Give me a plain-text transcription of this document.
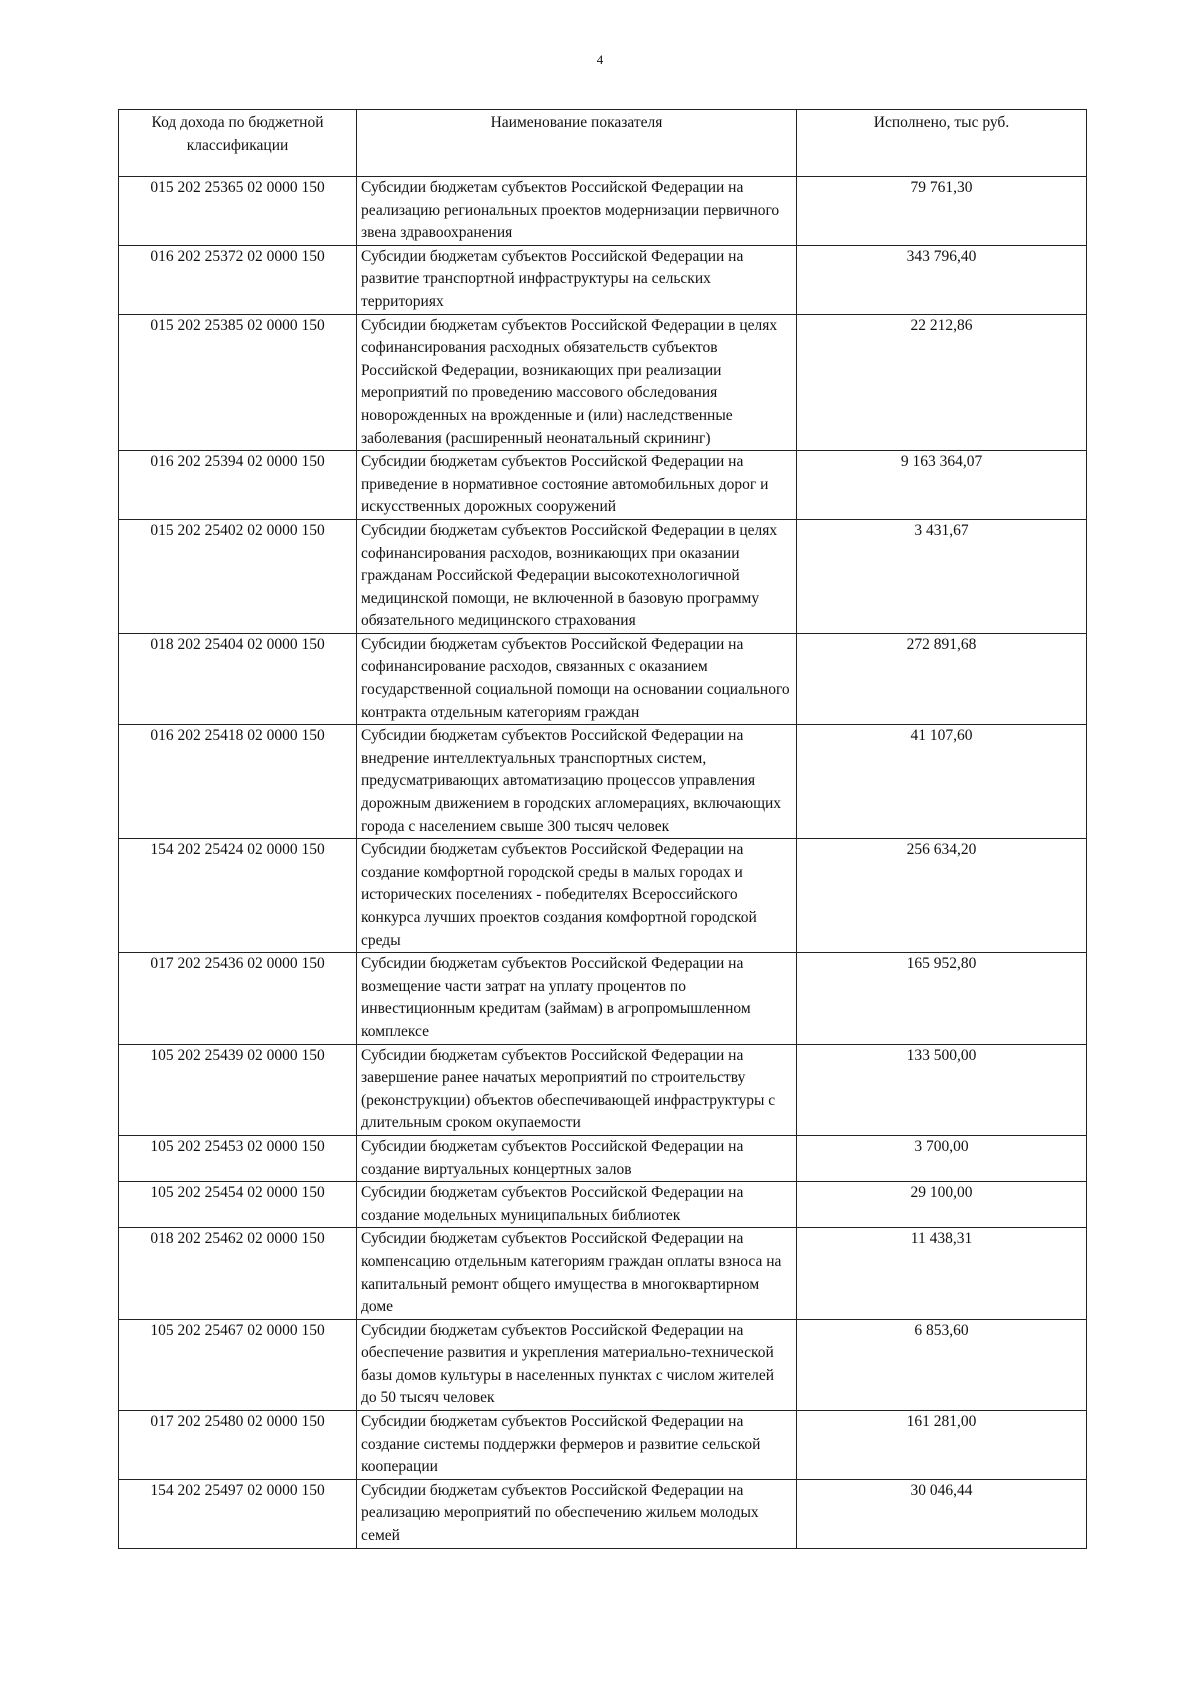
4
Код дохода по бюджетной классификации	Наименование показателя	Исполнено, тыс руб.
015 202 25365 02 0000 150	Субсидии бюджетам субъектов Российской Федерации на реализацию региональных проектов модернизации первичного звена здравоохранения	79 761,30
016 202 25372 02 0000 150	Субсидии бюджетам субъектов Российской Федерации на развитие транспортной инфраструктуры на сельских территориях	343 796,40
015 202 25385 02 0000 150	Субсидии бюджетам субъектов Российской Федерации в целях софинансирования расходных обязательств субъектов Российской Федерации, возникающих при реализации мероприятий по проведению массового обследования новорожденных на врожденные и (или) наследственные заболевания (расширенный неонатальный скрининг)	22 212,86
016 202 25394 02 0000 150	Субсидии бюджетам субъектов Российской Федерации на приведение в нормативное состояние автомобильных дорог и искусственных дорожных сооружений	9 163 364,07
015 202 25402 02 0000 150	Субсидии бюджетам субъектов Российской Федерации в целях софинансирования расходов, возникающих при оказании гражданам Российской Федерации высокотехнологичной медицинской помощи, не включенной в базовую программу обязательного медицинского страхования	3 431,67
018 202 25404 02 0000 150	Субсидии бюджетам субъектов Российской Федерации на софинансирование расходов, связанных с оказанием государственной социальной помощи на основании социального контракта отдельным категориям граждан	272 891,68
016 202 25418 02 0000 150	Субсидии бюджетам субъектов Российской Федерации на внедрение интеллектуальных транспортных систем, предусматривающих автоматизацию процессов управления дорожным движением в городских агломерациях, включающих города с населением свыше 300 тысяч человек	41 107,60
154 202 25424 02 0000 150	Субсидии бюджетам субъектов Российской Федерации на создание комфортной городской среды в малых городах и исторических поселениях - победителях Всероссийского конкурса лучших проектов создания комфортной городской среды	256 634,20
017 202 25436 02 0000 150	Субсидии бюджетам субъектов Российской Федерации на возмещение части затрат на уплату процентов по инвестиционным кредитам (займам) в агропромышленном комплексе	165 952,80
105 202 25439 02 0000 150	Субсидии бюджетам субъектов Российской Федерации на завершение ранее начатых мероприятий по строительству (реконструкции) объектов обеспечивающей инфраструктуры с длительным сроком окупаемости	133 500,00
105 202 25453 02 0000 150	Субсидии бюджетам субъектов Российской Федерации на создание виртуальных концертных залов	3 700,00
105 202 25454 02 0000 150	Субсидии бюджетам субъектов Российской Федерации на создание модельных муниципальных библиотек	29 100,00
018 202 25462 02 0000 150	Субсидии бюджетам субъектов Российской Федерации на компенсацию отдельным категориям граждан оплаты взноса на капитальный ремонт общего имущества в многоквартирном доме	11 438,31
105 202 25467 02 0000 150	Субсидии бюджетам субъектов Российской Федерации на обеспечение развития и укрепления материально-технической базы домов культуры в населенных пунктах с числом жителей до 50 тысяч человек	6 853,60
017 202 25480 02 0000 150	Субсидии бюджетам субъектов Российской Федерации на создание системы поддержки фермеров и развитие сельской кооперации	161 281,00
154 202 25497 02 0000 150	Субсидии бюджетам субъектов Российской Федерации на реализацию мероприятий по обеспечению жильем молодых семей	30 046,44
